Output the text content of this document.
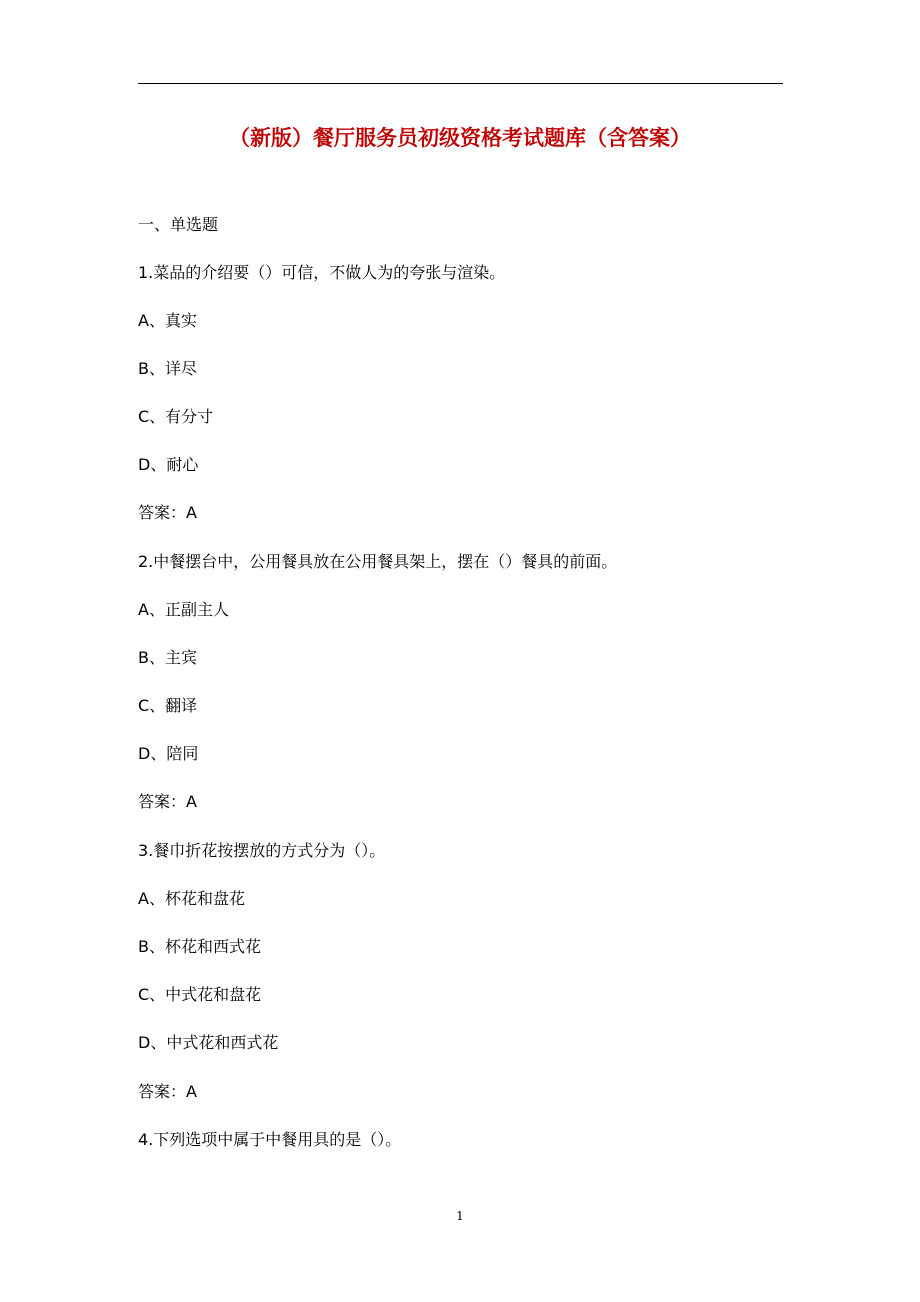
（新版）餐厅服务员初级资格考试题库（含答案）
一、单选题
1.菜品的介绍要（）可信，不做人为的夸张与渲染。
A、真实
B、详尽
C、有分寸
D、耐心
答案：A
2.中餐摆台中，公用餐具放在公用餐具架上，摆在（）餐具的前面。
A、正副主人
B、主宾
C、翻译
D、陪同
答案：A
3.餐巾折花按摆放的方式分为（）。
A、杯花和盘花
B、杯花和西式花
C、中式花和盘花
D、中式花和西式花
答案：A
4.下列选项中属于中餐用具的是（）。
1
